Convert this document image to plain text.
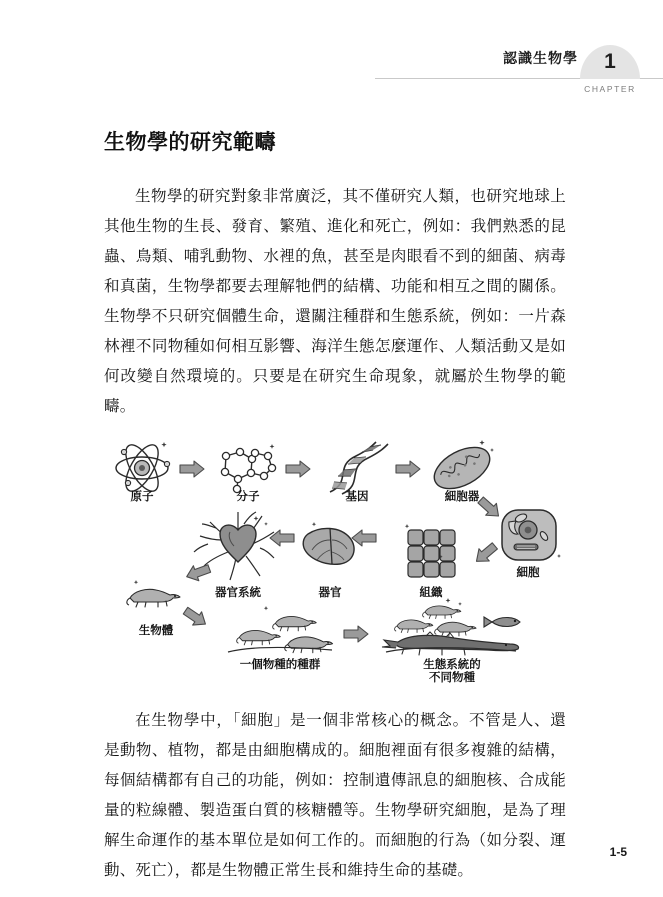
認識生物學	1
CHAPTER
生物學的研究範疇

生物學的研究對象非常廣泛，其不僅研究人類，也研究地球上其他生物的生長、發育、繁殖、進化和死亡，例如：我們熟悉的昆蟲、鳥類、哺乳動物、水裡的魚，甚至是肉眼看不到的細菌、病毒和真菌，生物學都要去理解牠們的結構、功能和相互之間的關係。生物學不只研究個體生命，還關注種群和生態系統，例如：一片森林裡不同物種如何相互影響、海洋生態怎麼運作、人類活動又是如何改變自然環境的。只要是在研究生命現象，就屬於生物學的範疇。

原子	分子	基因	細胞器
細胞
組織
器官
器官系統
生物體
一個物種的種群	生態系統的
不同物種

在生物學中，「細胞」是一個非常核心的概念。不管是人、還是動物、植物，都是由細胞構成的。細胞裡面有很多複雜的結構，每個結構都有自己的功能，例如：控制遺傳訊息的細胞核、合成能量的粒線體、製造蛋白質的核糖體等。生物學研究細胞，是為了理解生命運作的基本單位是如何工作的。而細胞的行為（如分裂、運動、死亡），都是生物體正常生長和維持生命的基礎。

1-5
